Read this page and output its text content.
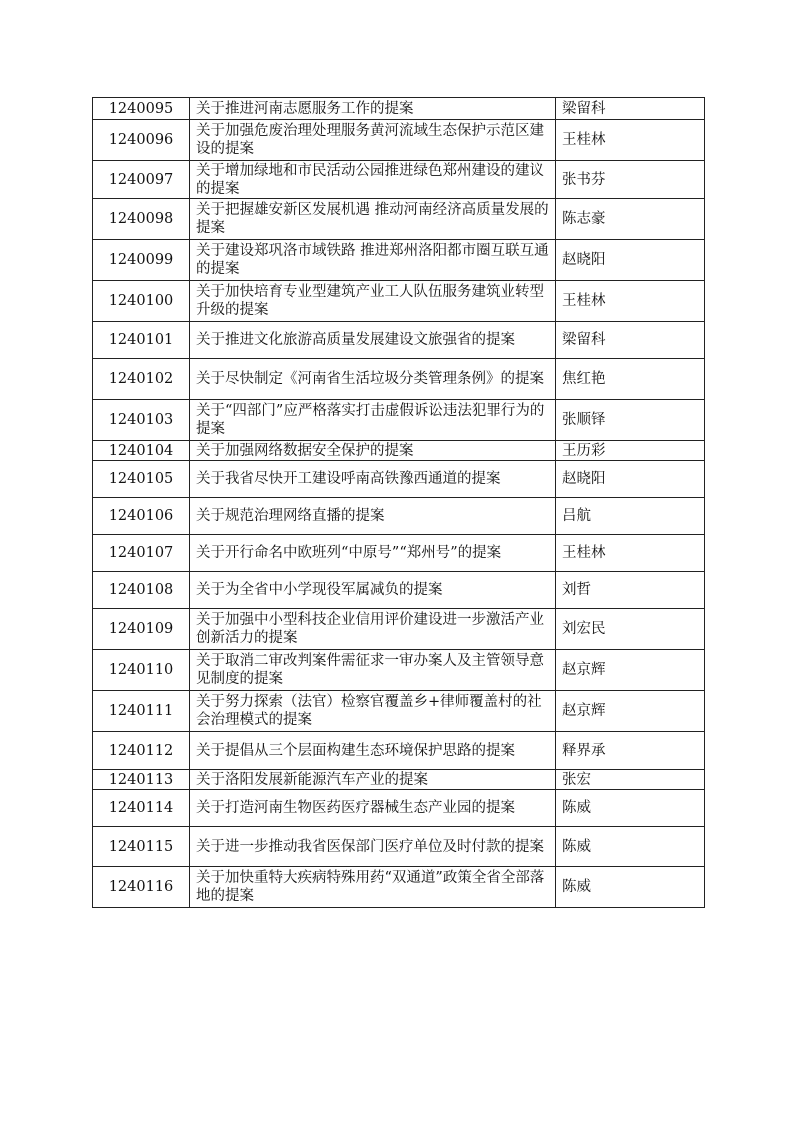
1240095	关于推进河南志愿服务工作的提案	梁留科
1240096	关于加强危废治理处理服务黄河流域生态保护示范区建设的提案	王桂林
1240097	关于增加绿地和市民活动公园推进绿色郑州建设的建议的提案	张书芬
1240098	关于把握雄安新区发展机遇 推动河南经济高质量发展的提案	陈志豪
1240099	关于建设郑巩洛市域铁路 推进郑州洛阳都市圈互联互通的提案	赵晓阳
1240100	关于加快培育专业型建筑产业工人队伍服务建筑业转型升级的提案	王桂林
1240101	关于推进文化旅游高质量发展建设文旅强省的提案	梁留科
1240102	关于尽快制定《河南省生活垃圾分类管理条例》的提案	焦红艳
1240103	关于“四部门”应严格落实打击虚假诉讼违法犯罪行为的提案	张顺铎
1240104	关于加强网络数据安全保护的提案	王历彩
1240105	关于我省尽快开工建设呼南高铁豫西通道的提案	赵晓阳
1240106	关于规范治理网络直播的提案	吕航
1240107	关于开行命名中欧班列“中原号”“郑州号”的提案	王桂林
1240108	关于为全省中小学现役军属减负的提案	刘哲
1240109	关于加强中小型科技企业信用评价建设进一步激活产业创新活力的提案	刘宏民
1240110	关于取消二审改判案件需征求一审办案人及主管领导意见制度的提案	赵京辉
1240111	关于努力探索（法官）检察官覆盖乡+律师覆盖村的社会治理模式的提案	赵京辉
1240112	关于提倡从三个层面构建生态环境保护思路的提案	释界承
1240113	关于洛阳发展新能源汽车产业的提案	张宏
1240114	关于打造河南生物医药医疗器械生态产业园的提案	陈威
1240115	关于进一步推动我省医保部门医疗单位及时付款的提案	陈威
1240116	关于加快重特大疾病特殊用药“双通道”政策全省全部落地的提案	陈威
